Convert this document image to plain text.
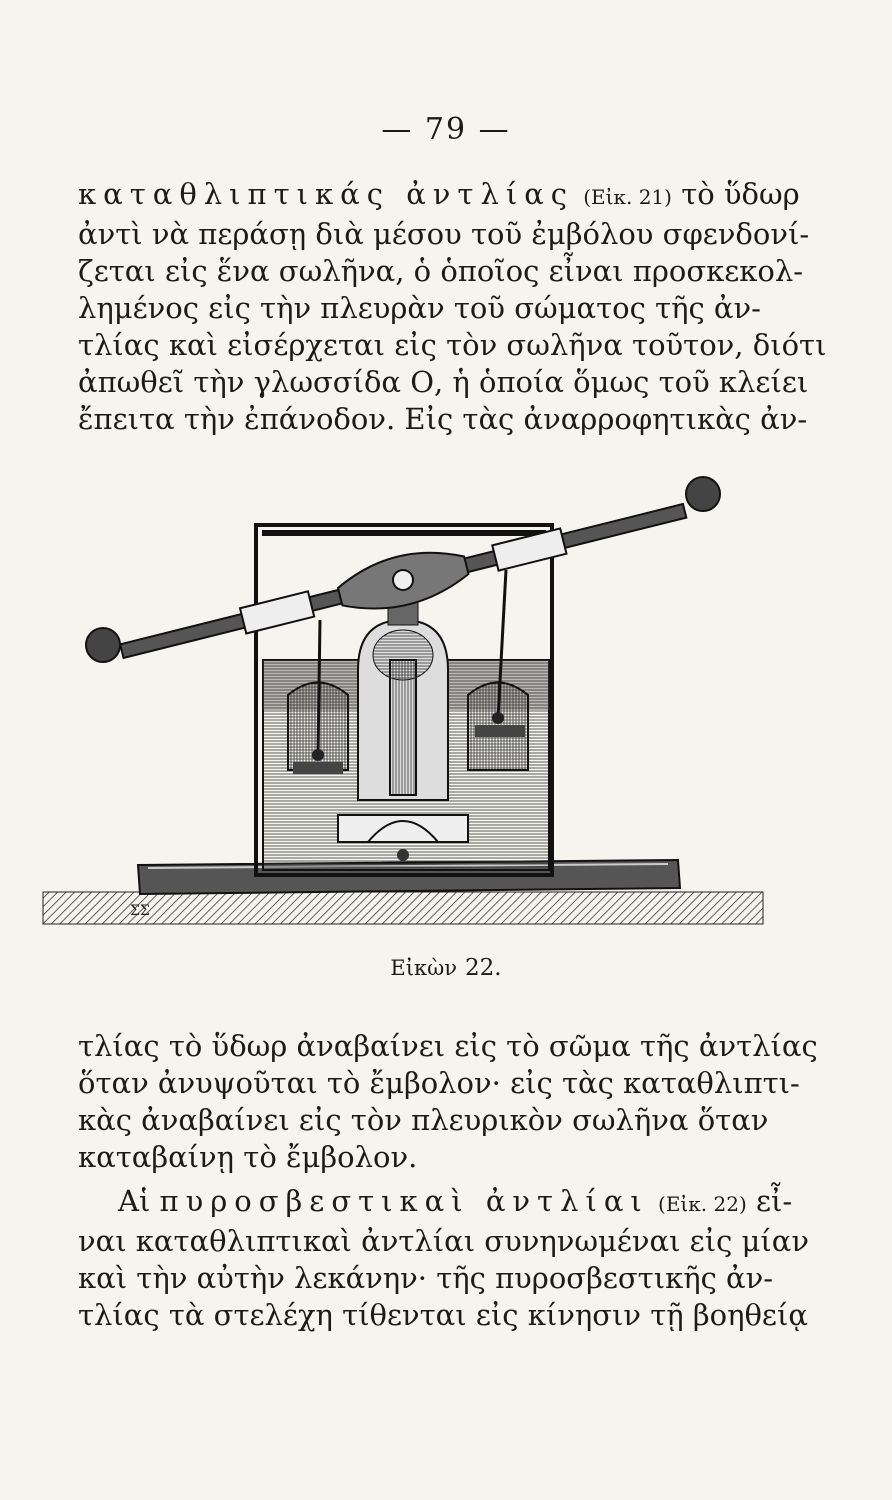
— 79 —
καταθλιπτικάς ἀντλίας (Εἰκ. 21) τὸ ὕδωρ
ἀντὶ νὰ περάσῃ διὰ μέσου τοῦ ἐμβόλου σφενδονί-
ζεται εἰς ἕνα σωλῆνα, ὁ ὁποῖος εἶναι προσκεκολ-
λημένος εἰς τὴν πλευρὰν τοῦ σώματος τῆς ἀν-
τλίας καὶ εἰσέρχεται εἰς τὸν σωλῆνα τοῦτον, διότι
ἀπωθεῖ τὴν γλωσσίδα Ο, ἡ ὁποία ὅμως τοῦ κλείει
ἔπειτα τὴν ἐπάνοδον. Εἰς τὰς ἀναρροφητικὰς ἀν-
ΣΣ
Εἰκὼν 22.
τλίας τὸ ὕδωρ ἀναβαίνει εἰς τὸ σῶμα τῆς ἀντλίας
ὅταν ἀνυψοῦται τὸ ἔμβολον· εἰς τὰς καταθλιπτι-
κὰς ἀναβαίνει εἰς τὸν πλευρικὸν σωλῆνα ὅταν
καταβαίνῃ τὸ ἔμβολον.
Αἱ πυροσβεστικαὶ ἀντλίαι (Εἰκ. 22) εἶ-
ναι καταθλιπτικαὶ ἀντλίαι συνηνωμέναι εἰς μίαν
καὶ τὴν αὐτὴν λεκάνην· τῆς πυροσβεστικῆς ἀν-
τλίας τὰ στελέχη τίθενται εἰς κίνησιν τῇ βοηθείᾳ
